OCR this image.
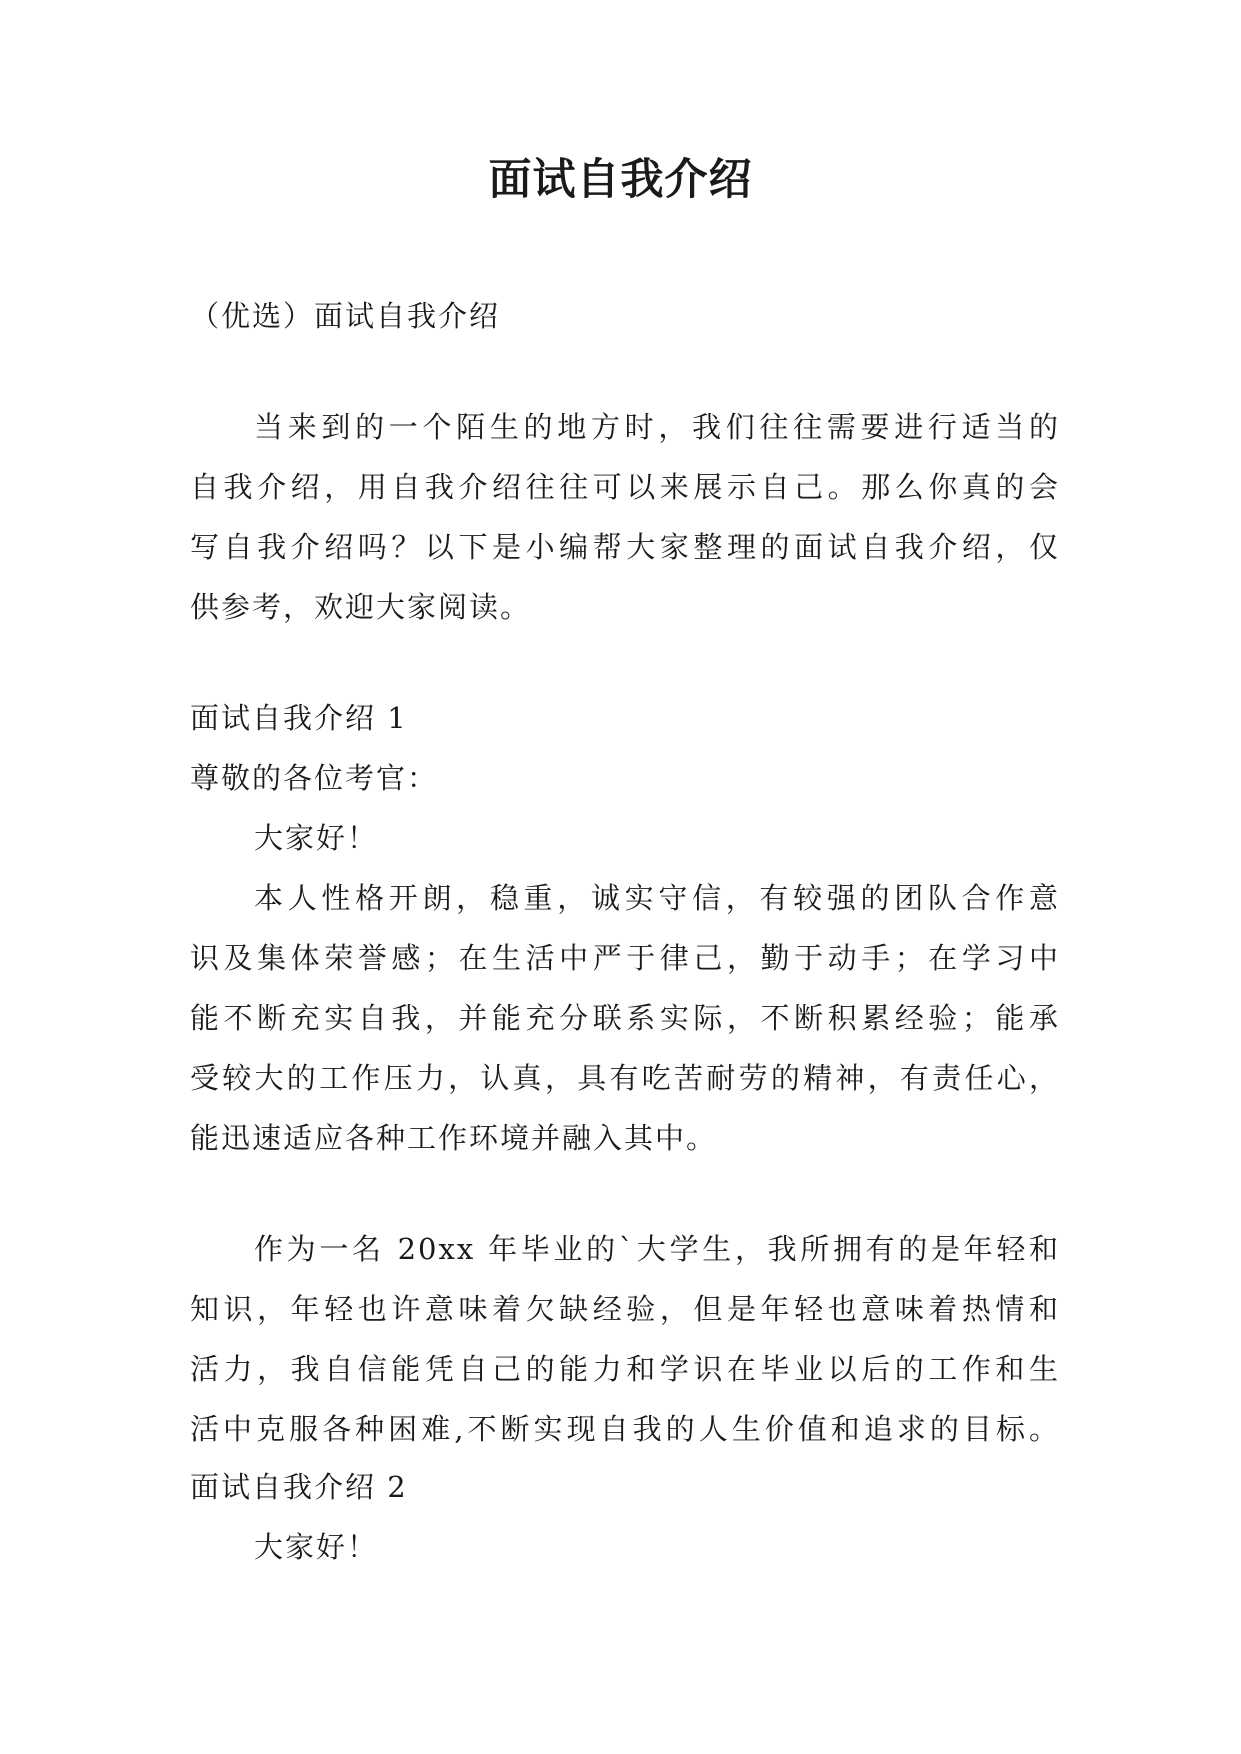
面试自我介绍
（优选）面试自我介绍
当来到的一个陌生的地方时，我们往往需要进行适当的
自我介绍，用自我介绍往往可以来展示自己。那么你真的会
写自我介绍吗？以下是小编帮大家整理的面试自我介绍，仅
供参考，欢迎大家阅读。
面试自我介绍 1
尊敬的各位考官：
大家好！
本人性格开朗，稳重，诚实守信，有较强的团队合作意
识及集体荣誉感；在生活中严于律己，勤于动手；在学习中
能不断充实自我，并能充分联系实际，不断积累经验；能承
受较大的工作压力，认真，具有吃苦耐劳的精神，有责任心，
能迅速适应各种工作环境并融入其中。
作为一名 20xx 年毕业的`大学生，我所拥有的是年轻和
知识，年轻也许意味着欠缺经验，但是年轻也意味着热情和
活力，我自信能凭自己的能力和学识在毕业以后的工作和生
活中克服各种困难,不断实现自我的人生价值和追求的目标。
面试自我介绍 2
大家好！
